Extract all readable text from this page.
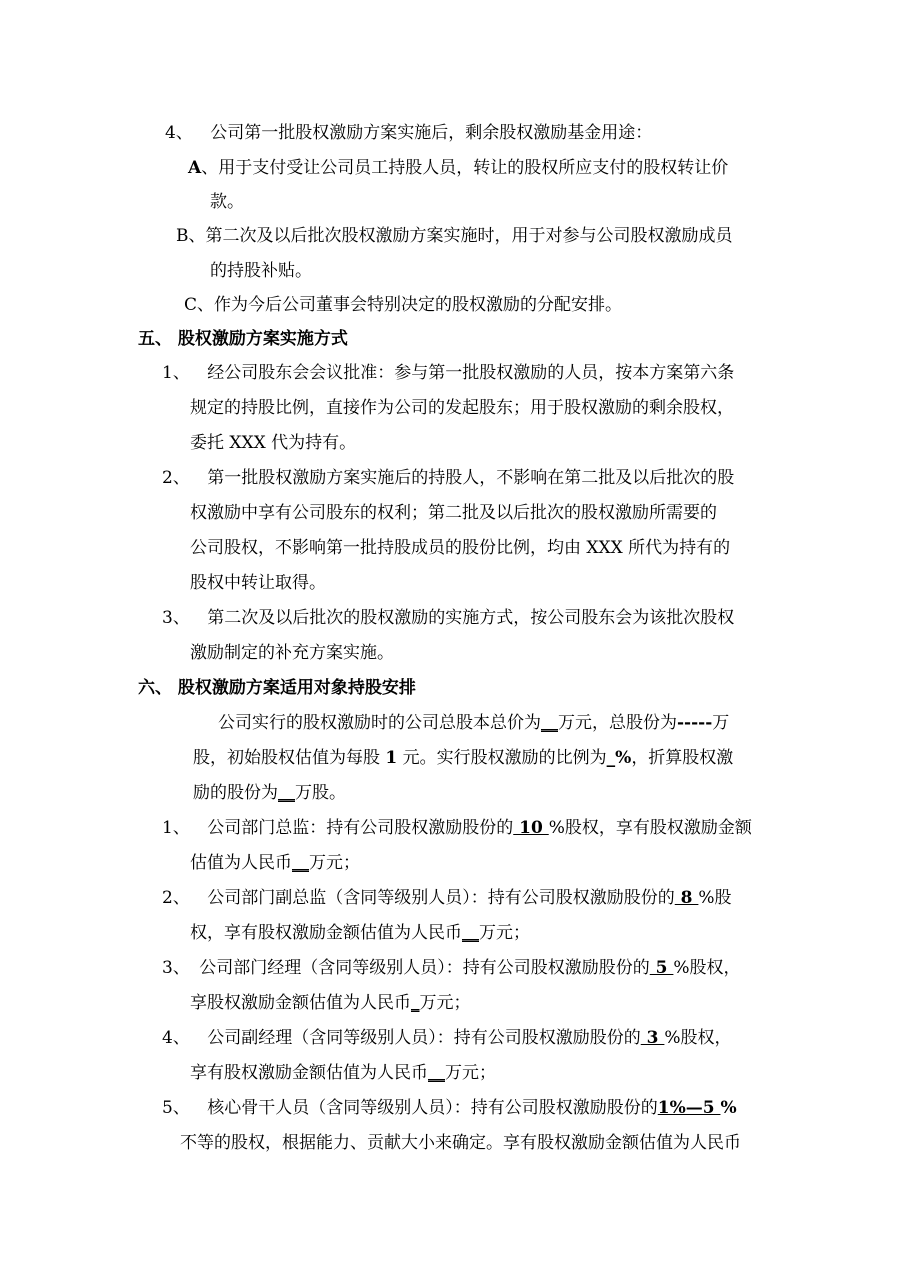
4、 公司第一批股权激励方案实施后，剩余股权激励基金用途：
A、用于支付受让公司员工持股人员，转让的股权所应支付的股权转让价
款。
B、第二次及以后批次股权激励方案实施时，用于对参与公司股权激励成员
的持股补贴。
C、作为今后公司董事会特别决定的股权激励的分配安排。
五、 股权激励方案实施方式
1、 经公司股东会会议批准：参与第一批股权激励的人员，按本方案第六条
规定的持股比例，直接作为公司的发起股东；用于股权激励的剩余股权，
委托 XXX 代为持有。
2、 第一批股权激励方案实施后的持股人，不影响在第二批及以后批次的股
权激励中享有公司股东的权利；第二批及以后批次的股权激励所需要的
公司股权，不影响第一批持股成员的股份比例，均由 XXX 所代为持有的
股权中转让取得。
3、 第二次及以后批次的股权激励的实施方式，按公司股东会为该批次股权
激励制定的补充方案实施。
六、 股权激励方案适用对象持股安排
公司实行的股权激励时的公司总股本总价为__万元，总股份为-----万
股，初始股权估值为每股 1 元。实行股权激励的比例为_%，折算股权激
励的股份为__万股。
1、 公司部门总监：持有公司股权激励股份的 10 %股权，享有股权激励金额
估值为人民币__万元；
2、 公司部门副总监（含同等级别人员）：持有公司股权激励股份的 8 %股
权，享有股权激励金额估值为人民币__万元；
3、 公司部门经理（含同等级别人员）：持有公司股权激励股份的 5 %股权，
享股权激励金额估值为人民币_万元；
4、 公司副经理（含同等级别人员）：持有公司股权激励股份的 3 %股权，
享有股权激励金额估值为人民币__万元；
5、 核心骨干人员（含同等级别人员）：持有公司股权激励股份的1%—5 %
不等的股权，根据能力、贡献大小来确定。享有股权激励金额估值为人民币
